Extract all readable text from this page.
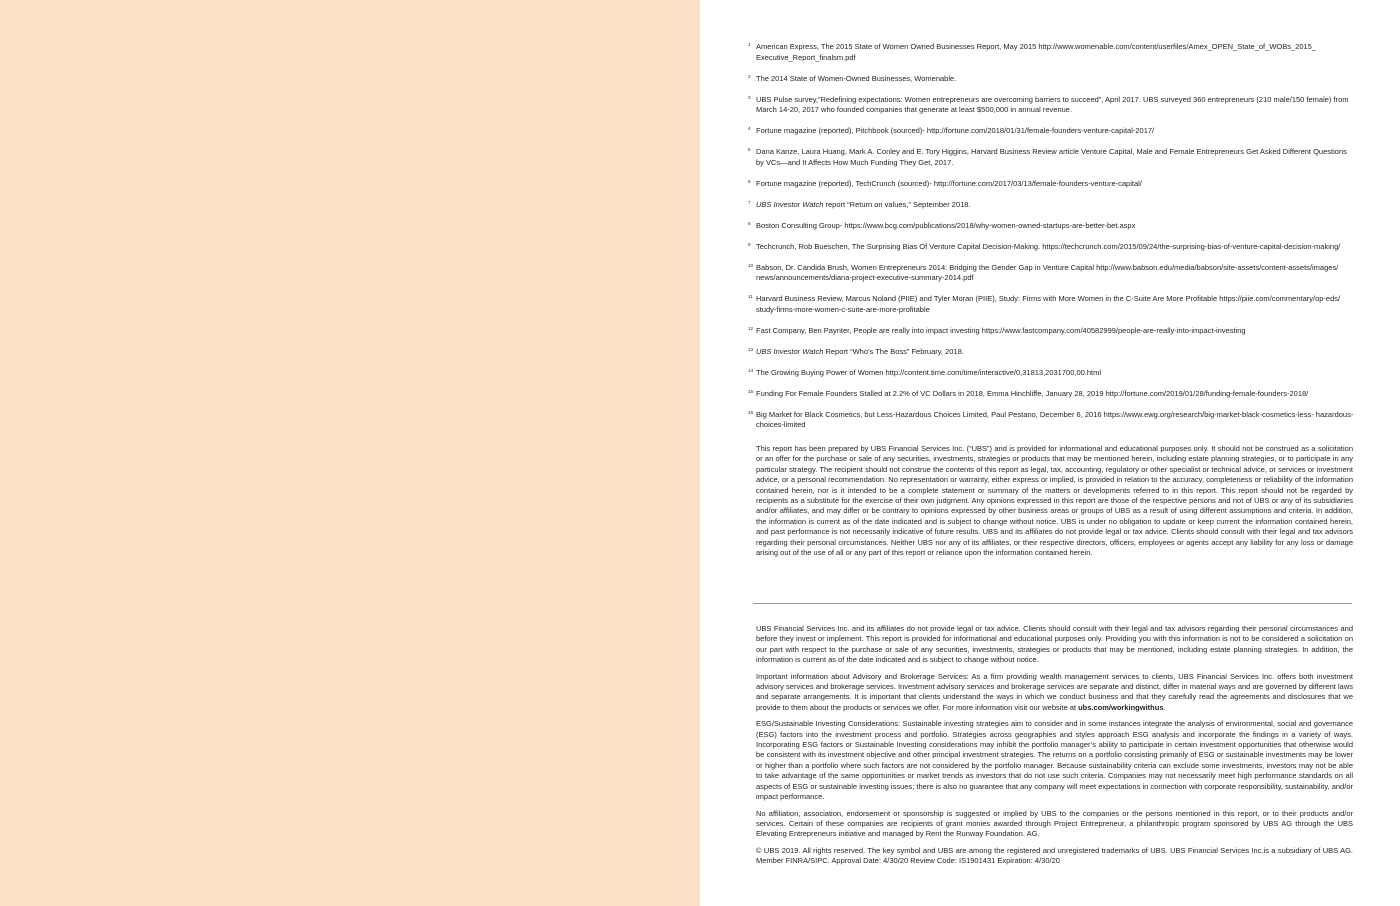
1 American Express, The 2015 State of Women Owned Businesses Report, May 2015 http://www.womenable.com/content/userfiles/Amex_OPEN_State_of_WOBs_2015_ Executive_Report_finalsm.pdf
2 The 2014 State of Women-Owned Businesses, Womenable.
3 UBS Pulse survey,“Redefining expectations: Women entrepreneurs are overcoming barriers to succeed”, April 2017. UBS surveyed 360 entrepreneurs (210 male/150 female) from March 14-20, 2017 who founded companies that generate at least $500,000 in annual revenue.
4 Fortune magazine (reported), Pitchbook (sourced)- http://fortune.com/2018/01/31/female-founders-venture-capital-2017/
5 Dana Kanze, Laura Huang, Mark A. Conley and E. Tory Higgins, Harvard Business Review article Venture Capital, Male and Female Entrepreneurs Get Asked Different Questions by VCs—and It Affects How Much Funding They Get, 2017.
6 Fortune magazine (reported), TechCrunch (sourced)- http://fortune.com/2017/03/13/female-founders-venture-capital/
7 UBS Investor Watch report “Return on values,” September 2018.
8 Boston Consulting Group- https://www.bcg.com/publications/2018/why-women-owned-startups-are-better-bet.aspx
9 Techcrunch, Rob Bueschen, The Surprising Bias Of Venture Capital Decision-Making. https://techcrunch.com/2015/09/24/the-surprising-bias-of-venture-capital-decision-making/
10 Babson, Dr. Candida Brush, Women Entrepreneurs 2014: Bridging the Gender Gap in Venture Capital http://www.babson.edu/media/babson/site-assets/content-assets/images/ news/announcements/diana-project-executive-summary-2014.pdf
11 Harvard Business Review, Marcus Noland (PIIE) and Tyler Moran (PIIE), Study: Firms with More Women in the C-Suite Are More Profitable https://piie.com/commentary/op-eds/ study-firms-more-women-c-suite-are-more-profitable
12 Fast Company, Ben Paynter, People are really into impact investing https://www.fastcompany.com/40582999/people-are-really-into-impact-investing
13 UBS Investor Watch Report “Who’s The Boss” February, 2018.
14 The Growing Buying Power of Women http://content.time.com/time/interactive/0,31813,2031700,00.html
15 Funding For Female Founders Stalled at 2.2% of VC Dollars in 2018, Emma Hinchliffe, January 28, 2019 http://fortune.com/2019/01/28/funding-female-founders-2018/
16 Big Market for Black Cosmetics, but Less-Hazardous Choices Limited, Paul Pestano, December 6, 2016 https://www.ewg.org/research/big-market-black-cosmetics-less- hazardous-choices-limited

This report has been prepared by UBS Financial Services Inc. (“UBS”) and is provided for informational and educational purposes only. It should not be construed as a solicitation or an offer for the purchase or sale of any securities, investments, strategies or products that may be mentioned herein, including estate planning strategies, or to participate in any particular strategy. The recipient should not construe the contents of this report as legal, tax, accounting, regulatory or other specialist or technical advice, or services or investment advice, or a personal recommendation. No representation or warranty, either express or implied, is provided in relation to the accuracy, completeness or reliability of the information contained herein, nor is it intended to be a complete statement or summary of the matters or developments referred to in this report. This report should not be regarded by recipients as a substitute for the exercise of their own judgment. Any opinions expressed in this report are those of the respective persons and not of UBS or any of its subsidiaries and/or affiliates, and may differ or be contrary to opinions expressed by other business areas or groups of UBS as a result of using different assumptions and criteria. In addition, the information is current as of the date indicated and is subject to change without notice. UBS is under no obligation to update or keep current the information contained herein, and past performance is not necessarily indicative of future results. UBS and its affiliates do not provide legal or tax advice. Clients should consult with their legal and tax advisors regarding their personal circumstances. Neither UBS nor any of its affiliates, or their respective directors, officers, employees or agents accept any liability for any loss or damage arising out of the use of all or any part of this report or reliance upon the information contained herein.

UBS Financial Services Inc. and its affiliates do not provide legal or tax advice. Clients should consult with their legal and tax advisors regarding their personal circumstances and before they invest or implement. This report is provided for informational and educational purposes only. Providing you with this information is not to be considered a solicitation on our part with respect to the purchase or sale of any securities, investments, strategies or products that may be mentioned, including estate planning strategies. In addition, the information is current as of the date indicated and is subject to change without notice.

Important information about Advisory and Brokerage Services: As a firm providing wealth management services to clients, UBS Financial Services Inc. offers both investment advisory services and brokerage services. Investment advisory services and brokerage services are separate and distinct, differ in material ways and are governed by different laws and separate arrangements. It is important that clients understand the ways in which we conduct business and that they carefully read the agreements and disclosures that we provide to them about the products or services we offer. For more information visit our website at ubs.com/workingwithus.

ESG/Sustainable Investing Considerations: Sustainable investing strategies aim to consider and in some instances integrate the analysis of environmental, social and governance (ESG) factors into the investment process and portfolio. Strategies across geographies and styles approach ESG analysis and incorporate the findings in a variety of ways. Incorporating ESG factors or Sustainable Investing considerations may inhibit the portfolio manager’s ability to participate in certain investment opportunities that otherwise would be consistent with its investment objective and other principal investment strategies. The returns on a portfolio consisting primarily of ESG or sustainable investments may be lower or higher than a portfolio where such factors are not considered by the portfolio manager. Because sustainability criteria can exclude some investments, investors may not be able to take advantage of the same opportunities or market trends as investors that do not use such criteria. Companies may not necessarily meet high performance standards on all aspects of ESG or sustainable investing issues; there is also no guarantee that any company will meet expectations in connection with corporate responsibility, sustainability, and/or impact performance.

No affiliation, association, endorsement or sponsorship is suggested or implied by UBS to the companies or the persons mentioned in this report, or to their products and/or services. Certain of these companies are recipients of grant monies awarded through Project Entrepreneur, a philanthropic program sponsored by UBS AG through the UBS Elevating Entrepreneurs initiative and managed by Rent the Runway Foundation. AG.

© UBS 2019. All rights reserved. The key symbol and UBS are among the registered and unregistered trademarks of UBS. UBS Financial Services Inc.is a subsidiary of UBS AG. Member FINRA/SIPC. Approval Date: 4/30/20 Review Code: IS1901431 Expiration: 4/30/20
